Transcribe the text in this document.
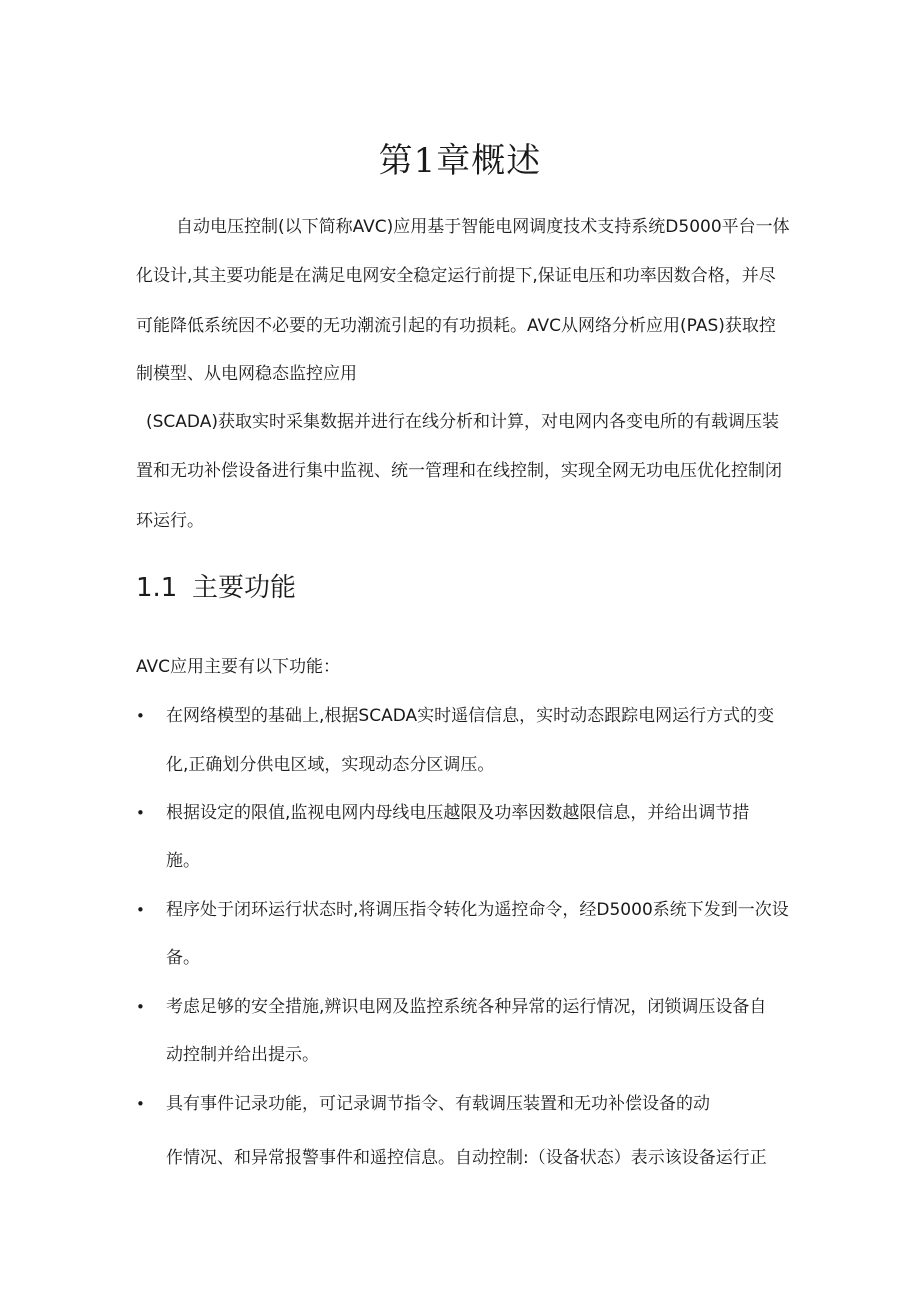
第1章概述

自动电压控制(以下简称AVC)应用基于智能电网调度技术支持系统D5000平台一体

化设计,其主要功能是在满足电网安全稳定运行前提下,保证电压和功率因数合格，并尽

可能降低系统因不必要的无功潮流引起的有功损耗。AVC从网络分析应用(PAS)获取控

制模型、从电网稳态监控应用

(SCADA)获取实时采集数据并进行在线分析和计算，对电网内各变电所的有载调压装

置和无功补偿设备进行集中监视、统一管理和在线控制，实现全网无功电压优化控制闭

环运行。

1.1 主要功能

AVC应用主要有以下功能：

• 在网络模型的基础上,根据SCADA实时遥信信息，实时动态跟踪电网运行方式的变

化,正确划分供电区域，实现动态分区调压。

• 根据设定的限值,监视电网内母线电压越限及功率因数越限信息，并给出调节措

施。

• 程序处于闭环运行状态时,将调压指令转化为遥控命令，经D5000系统下发到一次设

备。

• 考虑足够的安全措施,辨识电网及监控系统各种异常的运行情况，闭锁调压设备自

动控制并给出提示。

• 具有事件记录功能，可记录调节指令、有载调压装置和无功补偿设备的动

作情况、和异常报警事件和遥控信息。自动控制:（设备状态）表示该设备运行正
